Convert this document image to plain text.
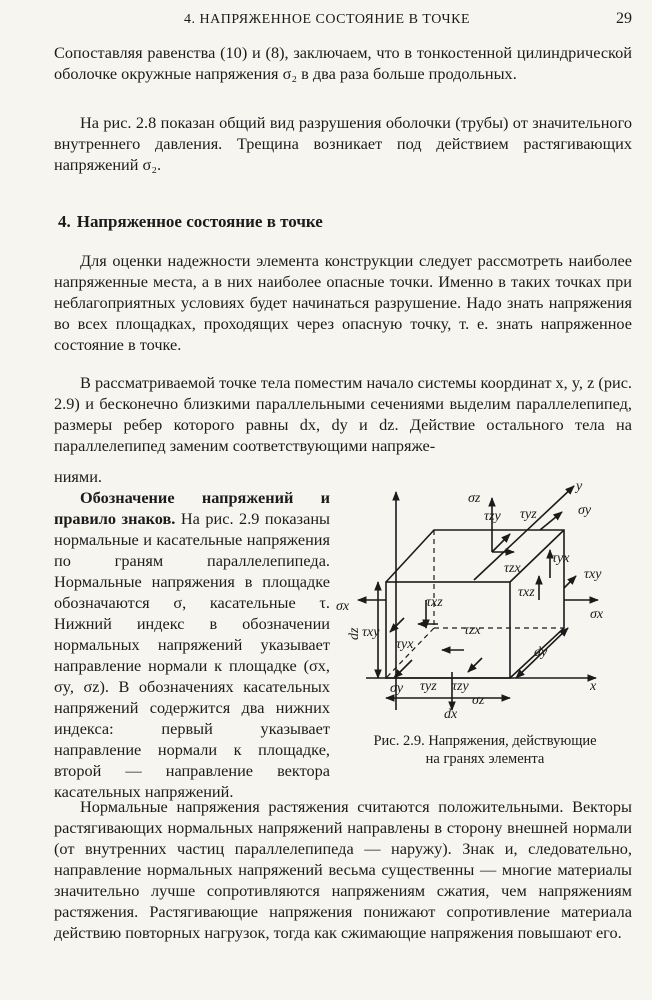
4. НАПРЯЖЕННОЕ СОСТОЯНИЕ В ТОЧКЕ	29

Сопоставляя равенства (10) и (8), заключаем, что в тонкостенной цилиндрической оболочке окружные напряжения σ₂ в два раза больше продольных.

На рис. 2.8 показан общий вид разрушения оболочки (трубы) от значительного внутреннего давления. Трещина возникает под действием растягивающих напряжений σ₂.

4. Напряженное состояние в точке

Для оценки надежности элемента конструкции следует рассмотреть наиболее напряженные места, а в них наиболее опасные точки. Именно в таких точках при неблагоприятных условиях будет начинаться разрушение. Надо знать напряжения во всех площадках, проходящих через опасную точку, т. е. знать напряженное состояние в точке.

В рассматриваемой точке тела поместим начало системы координат x, y, z (рис. 2.9) и бесконечно близкими параллельными сечениями выделим параллелепипед, размеры ребер которого равны dx, dy и dz. Действие остального тела на параллелепипед заменим соответствующими напряже-

ниями.
Обозначение напряжений и правило знаков. На рис. 2.9 показаны нормальные и касательные напряжения по граням параллелепипеда. Нормальные напряжения в площадке обозначаются σ, касательные τ. Нижний индекс в обозначении нормальных напряжений указывает направление нормали к площадке (σx, σy, σz). В обозначениях касательных напряжений содержится два нижних индекса: первый указывает направление нормали к площадке, второй — направление вектора касательных напряжений.

Нормальные напряжения растяжения считаются положительными. Векторы растягивающих нормальных напряжений направлены в сторону внешней нормали (от внутренних частиц параллелепипеда — наружу). Знак и, следовательно, направление нормальных напряжений весьма существенны — многие материалы значительно лучше сопротивляются напряжениям сжатия, чем напряжениям растяжения. Растягивающие напряжения понижают сопротивление материала действию повторных нагрузок, тогда как сжимающие напряжения повышают его.

σz
τzy τyz	σy
y
τyx
τzx	τxy
τxz
σx
σx	τxz
τxy
τyx
τzx
dz
dy
dx
x
σy τyz τzy
σz

Рис. 2.9. Напряжения, действующие
на гранях элемента
